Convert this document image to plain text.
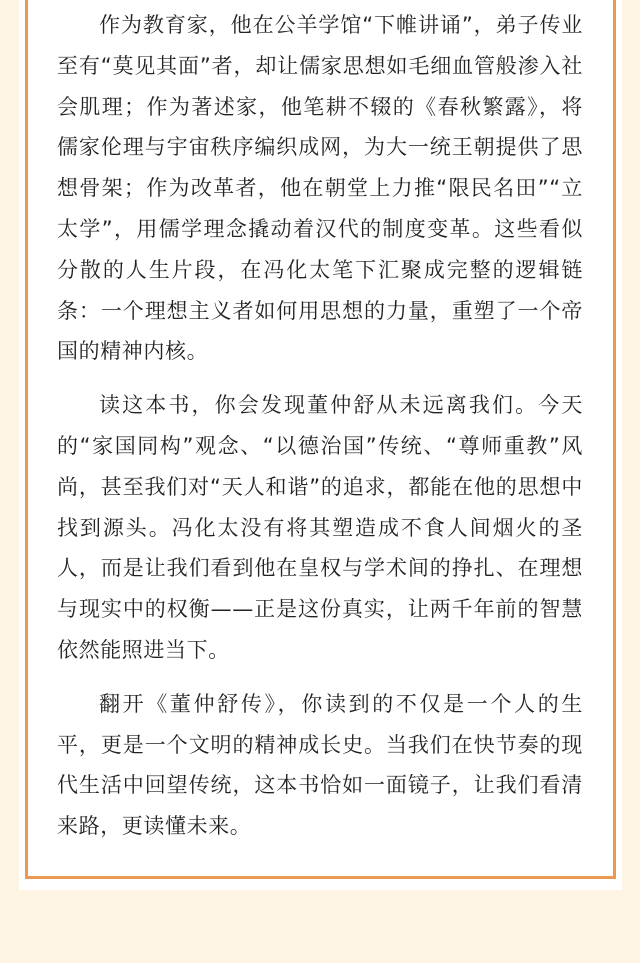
作为教育家，他在公羊学馆“下帷讲诵”，弟子传业至有“莫见其面”者，却让儒家思想如毛细血管般渗入社会肌理；作为著述家，他笔耕不辍的《春秋繁露》，将儒家伦理与宇宙秩序编织成网，为大一统王朝提供了思想骨架；作为改革者，他在朝堂上力推“限民名田”“立太学”，用儒学理念撬动着汉代的制度变革。这些看似分散的人生片段，在冯化太笔下汇聚成完整的逻辑链条：一个理想主义者如何用思想的力量，重塑了一个帝国的精神内核。

读这本书，你会发现董仲舒从未远离我们。今天的“家国同构”观念、“以德治国”传统、“尊师重教”风尚，甚至我们对“天人和谐”的追求，都能在他的思想中找到源头。冯化太没有将其塑造成不食人间烟火的圣人，而是让我们看到他在皇权与学术间的挣扎、在理想与现实中的权衡——正是这份真实，让两千年前的智慧依然能照进当下。

翻开《董仲舒传》，你读到的不仅是一个人的生平，更是一个文明的精神成长史。当我们在快节奏的现代生活中回望传统，这本书恰如一面镜子，让我们看清来路，更读懂未来。
